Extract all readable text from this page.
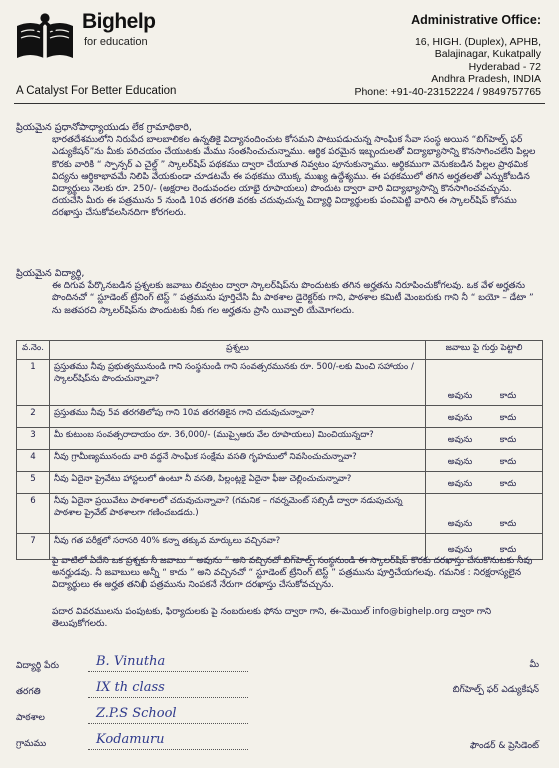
Bighelp
for education
A Catalyst For Better Education
Administrative Office:
16, HIGH. (Duplex), APHB,
Balajinagar, Kukatpally
Hyderabad - 72
Andhra Pradesh, INDIA
Phone: +91-40-23152224 / 9849757765
ప్రియమైన ప్రధానోపాధ్యాయుడు లేక గ్రామాధికారి,
భారతదేశములోని నిరుపేద బాలబాలికల ఉన్నతికై విద్యానందించుట కోసమని పాటుపడుచున్న సాంఘిక సేవా సంస్థ అయిన “బిగ్‌హెల్ప్ ఫర్ ఎడ్యుకేషన్”ను మీకు పరిచయం చేయుటకు మేము సంతసించుచున్నాము. ఆర్థిక పరమైన ఇబ్బందులతో విద్యాభ్యాసాన్ని కొనసాగించలేని పిల్లల కొరకు వారికి “ స్పాన్సర్ ఎ చైల్డ్ ” స్కాలర్‌షిప్ పథకము ద్వారా చేయూత నివ్వటం పూనుకున్నాము. ఆర్థికముగా వెనుకబడిన పిల్లల ప్రాథమిక విద్యను ఆర్థికాభావమే నిలిపి వేయకుండా చూడటమే ఈ పథకము యొక్క ముఖ్య ఉద్దేశ్యము. ఈ పథకములో తగిన అర్హతలతో ఎన్నుకోబడిన విద్యార్థులు నెలకు రూ. 250/- (అక్షరాల రెండువందల యాభై రూపాయలు) పొందుట ద్వారా వారి విద్యాభ్యాసాన్ని కొనసాగించవచ్చును. దయచేసి మీరు ఈ పత్రమును 5 నుండి 10వ తరగతి వరకు చదువుచున్న విద్యార్థి విద్యార్థులకు పంచిపెట్టి వారిని ఈ స్కాలర్‌షిప్ కోసము దరఖాస్తు చేసుకోవలసినదిగా కోరగలరు.
ప్రియమైన విద్యార్థి,
ఈ దిగువ పేర్కొనబడిన ప్రశ్నలకు జవాబు లివ్వటం ద్వారా స్కాలర్‌షిప్‌ను పొందుటకు తగిన అర్హతను నిరూపించుకోగలవు. ఒక వేళ అర్హతను పొందినచో “ స్టూడెంట్ ట్రేనింగ్ టెస్ట్ ” పత్రమును పూర్తిచేసి మీ పాఠశాల డైరెక్టర్‌కు గాని, పాఠశాల కమిటీ మెంబరుకు గాని నీ “ బయో – డేటా ” ను జతపరచి స్కాలర్‌షిప్‌ను పొందుటకు నీకు గల అర్హతను ప్రాసి యివ్వాలి యేమోగలదు.
వ.నెం.	ప్రశ్నలు	జవాబు పై గుర్తు పెట్టాలి
1	ప్రస్తుతము నీవు ప్రభుత్వమునుండి గాని సంస్థనుండి గాని సంవత్సరమునకు రూ. 500/-లకు మించి సహాయం / స్కాలర్‌షిప్‌ను పొందుచున్నావా?	అవును కాదు
2	ప్రస్తుతము నీవు 5వ తరగతిలోపు గాని 10వ తరగతికైన గాని చదువుచున్నావా?	అవును కాదు
3	మీ కుటుంబ సంవత్సరాదాయం రూ. 36,000/- (ముప్పైఆరు వేల రూపాయలు) మించియున్నదా?	అవును కాదు
4	నీవు గ్రామీణ్యమునందు వారి వద్దనే సాంఘిక సంక్షేమ వసతి గృహములో నివసించుచున్నావా?	అవును కాదు
5	నీవు ఏదైనా ప్రైవేటు హాస్టలులో ఉంటూ నీ వసతి, పిల్లంట్లకై ఏదైనా ఫీజు చెల్లించుచున్నావా?	అవును కాదు
6	నీవు ఏదైనా ప్రయివేటు పాఠశాలలో చదువుచున్నావా? (గమనిక – గవర్నమెంట్ సబ్సిడీ ద్వారా నడుపుచున్న పాఠశాల ప్రైవేట్ పాఠశాలగా గణించబడదు.)	అవును కాదు
7	నీవు గత పరీక్షలో సరాసరి 40% కన్నా తక్కువ మార్కులు వచ్చినవా?	అవును కాదు
పై వాటిలో ఏదేని ఒక ప్రశ్నకు నీ జవాబు “ అవును ” అని వచ్చినచో బిగ్‌హెల్ప్ సంస్థనుండి ఈ స్కాలర్‌షిప్ కొరకు దరఖాస్తు చేసుకొనుటకు నీవు అనర్హుడవు. నీ జవాబులు అన్నీ “ కాదు ” అని వచ్చినచో “ స్టూడెంట్ ట్రేనింగ్ టెస్ట్ ” పత్రమును పూర్తిచేయగలవు. గమనిక : నిరక్షరాస్యలైన విద్యార్థులు ఈ అర్హత తనిఖీ పత్రమును నింపకనే నేరుగా దరఖాస్తు చేసుకోవచ్చును.
పదార వివరములను పంపుటకు, ఫిర్యాదులకు పై నంబరులకు ఫోను ద్వారా గాని, ఈ-మెయిల్ info@bighelp.org ద్వారా గాని తెలుపుకోగలరు.
విద్యార్థి పేరు	B. Vinutha
తరగతి	IX th class
పాఠశాల	Z.P.S School
గ్రామము	Kodamuru
మీ
బిగ్‌హెల్ప్ ఫర్ ఎడ్యుకేషన్
ఫౌండర్ & ప్రెసిడెంట్
